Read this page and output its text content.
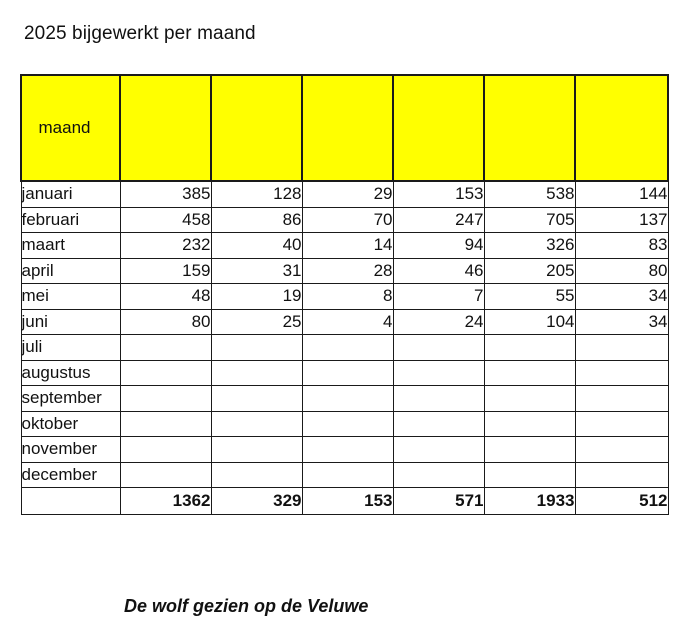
2025 bijgewerkt per maand
maand						
januari	385	128	29	153	538	144
februari	458	86	70	247	705	137
maart	232	40	14	94	326	83
april	159	31	28	46	205	80
mei	48	19	8	7	55	34
juni	80	25	4	24	104	34
juli						
augustus						
september						
oktober						
november						
december						
	1362	329	153	571	1933	512
De wolf gezien op de Veluwe
